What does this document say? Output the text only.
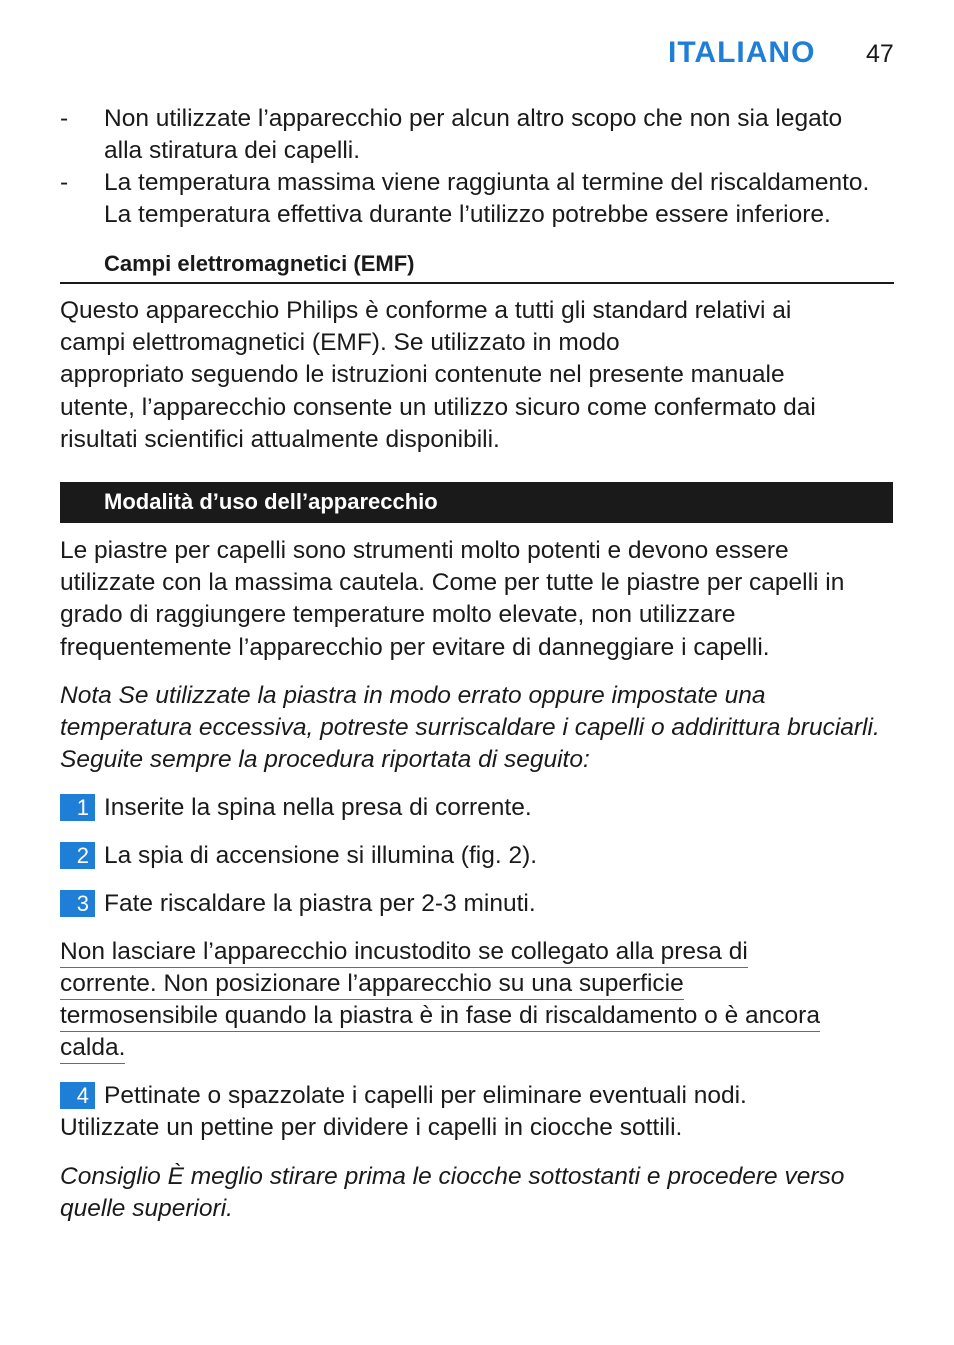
ITALIANO 47
-	Non utilizzate l’apparecchio per alcun altro scopo che non sia legato
alla stiratura dei capelli.
-	La temperatura massima viene raggiunta al termine del riscaldamento.
La temperatura effettiva durante l’utilizzo potrebbe essere inferiore.
Campi elettromagnetici (EMF)
Questo apparecchio Philips è conforme a tutti gli standard relativi ai
campi elettromagnetici (EMF). Se utilizzato in modo
appropriato seguendo le istruzioni contenute nel presente manuale
utente, l’apparecchio consente un utilizzo sicuro come confermato dai
risultati scientifici attualmente disponibili.
Modalità d’uso dell’apparecchio
Le piastre per capelli sono strumenti molto potenti e devono essere
utilizzate con la massima cautela. Come per tutte le piastre per capelli in
grado di raggiungere temperature molto elevate, non utilizzare
frequentemente l’apparecchio per evitare di danneggiare i capelli.
Nota Se utilizzate la piastra in modo errato oppure impostate una
temperatura eccessiva, potreste surriscaldare i capelli o addirittura bruciarli.
Seguite sempre la procedura riportata di seguito:
1 Inserite la spina nella presa di corrente.
2 La spia di accensione si illumina (fig. 2).
3 Fate riscaldare la piastra per 2-3 minuti.
Non lasciare l’apparecchio incustodito se collegato alla presa di
corrente. Non posizionare l’apparecchio su una superficie
termosensibile quando la piastra è in fase di riscaldamento o è ancora
calda.
4 Pettinate o spazzolate i capelli per eliminare eventuali nodi.
Utilizzate un pettine per dividere i capelli in ciocche sottili.
Consiglio È meglio stirare prima le ciocche sottostanti e procedere verso
quelle superiori.
